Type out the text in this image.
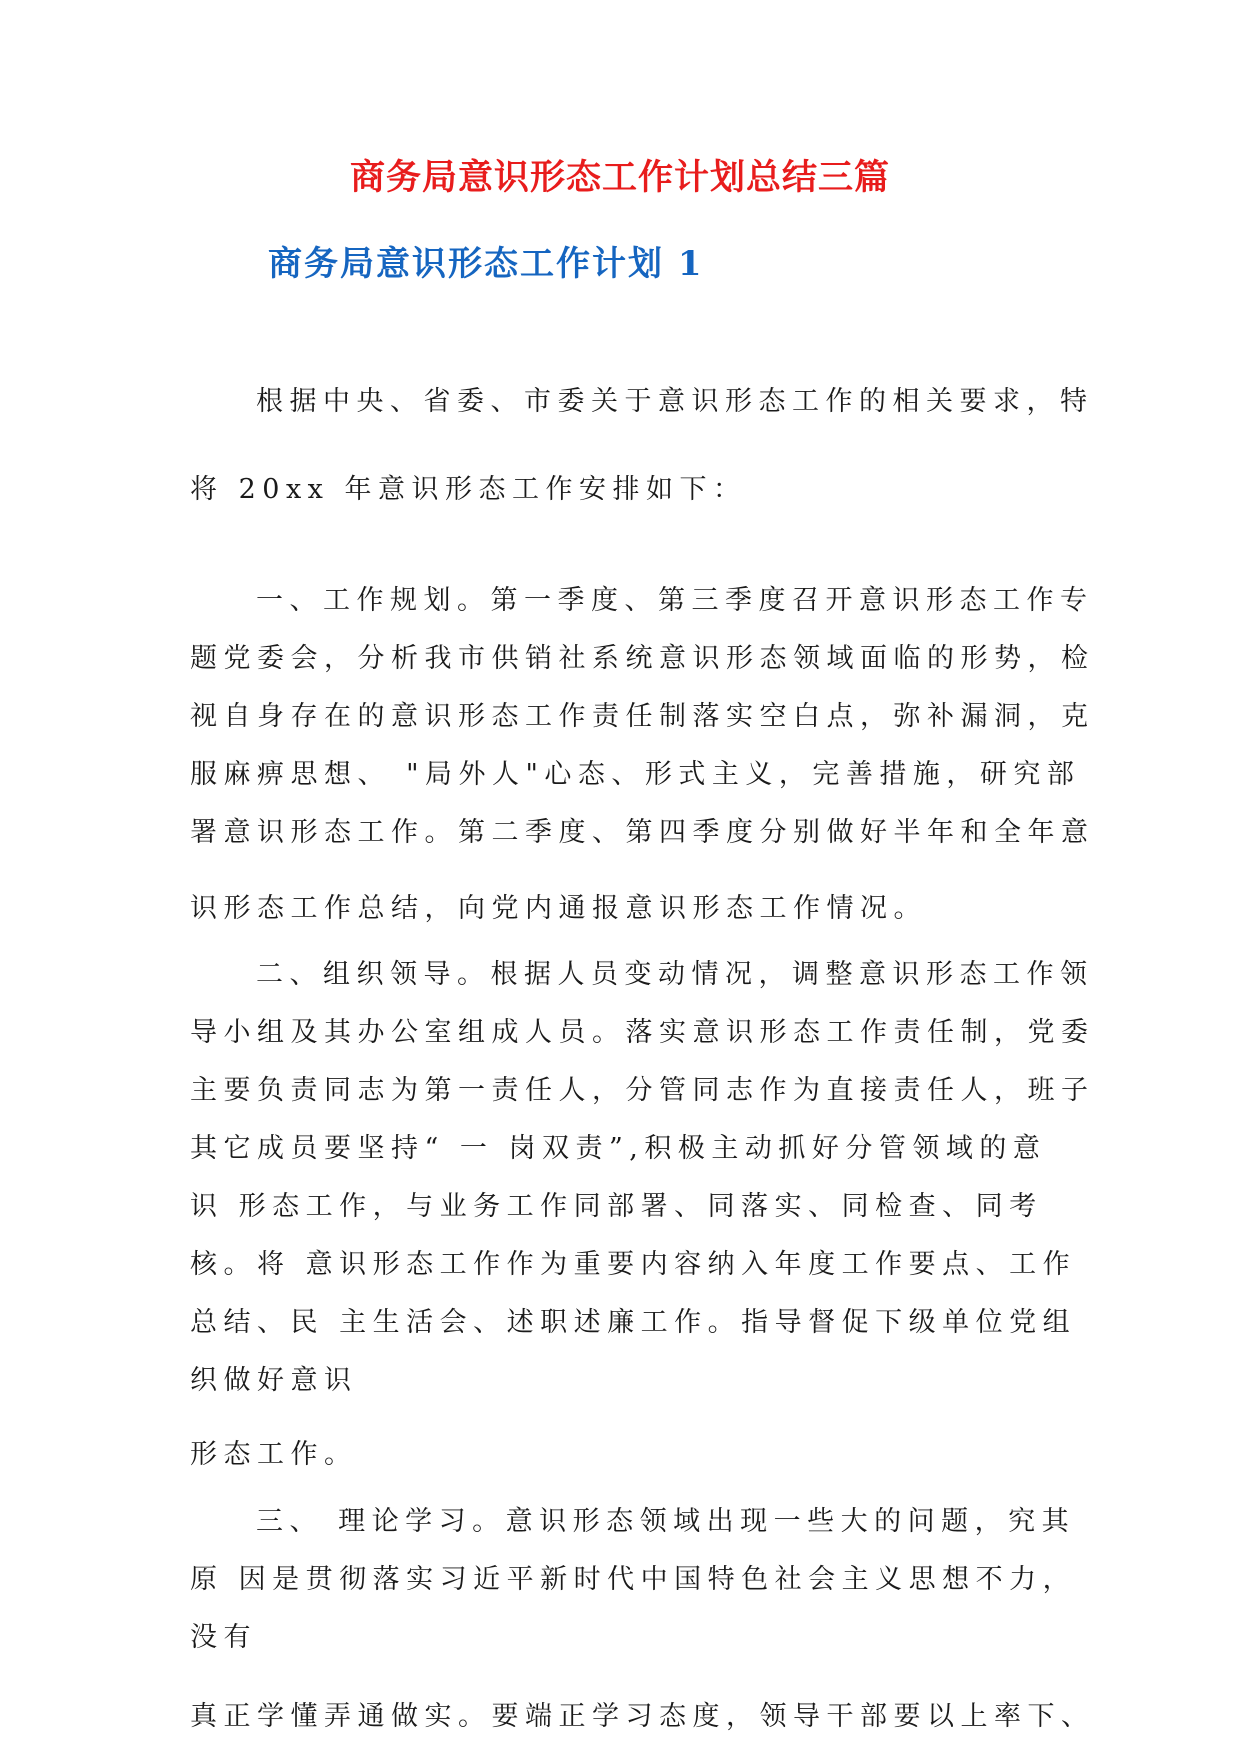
商务局意识形态工作计划总结三篇
商务局意识形态工作计划 1
根据中央、省委、市委关于意识形态工作的相关要求，特
将 20xx 年意识形态工作安排如下：
一、工作规划。第一季度、第三季度召开意识形态工作专
题党委会，分析我市供销社系统意识形态领域面临的形势，检
视自身存在的意识形态工作责任制落实空白点，弥补漏洞，克
服麻痹思想、 "局外人"心态、形式主义，完善措施，研究部
署意识形态工作。第二季度、第四季度分别做好半年和全年意
识形态工作总结，向党内通报意识形态工作情况。
二、组织领导。根据人员变动情况，调整意识形态工作领
导小组及其办公室组成人员。落实意识形态工作责任制，党委
主要负责同志为第一责任人，分管同志作为直接责任人，班子
其它成员要坚持“ 一 岗双责”,积极主动抓好分管领域的意
识 形态工作，与业务工作同部署、同落实、同检查、同考
核。将 意识形态工作作为重要内容纳入年度工作要点、工作
总结、民 主生活会、述职述廉工作。指导督促下级单位党组
织做好意识
形态工作。
三、 理论学习。意识形态领域出现一些大的问题，究其
原 因是贯彻落实习近平新时代中国特色社会主义思想不力，
没有
真正学懂弄通做实。要端正学习态度，领导干部要以上率下、
